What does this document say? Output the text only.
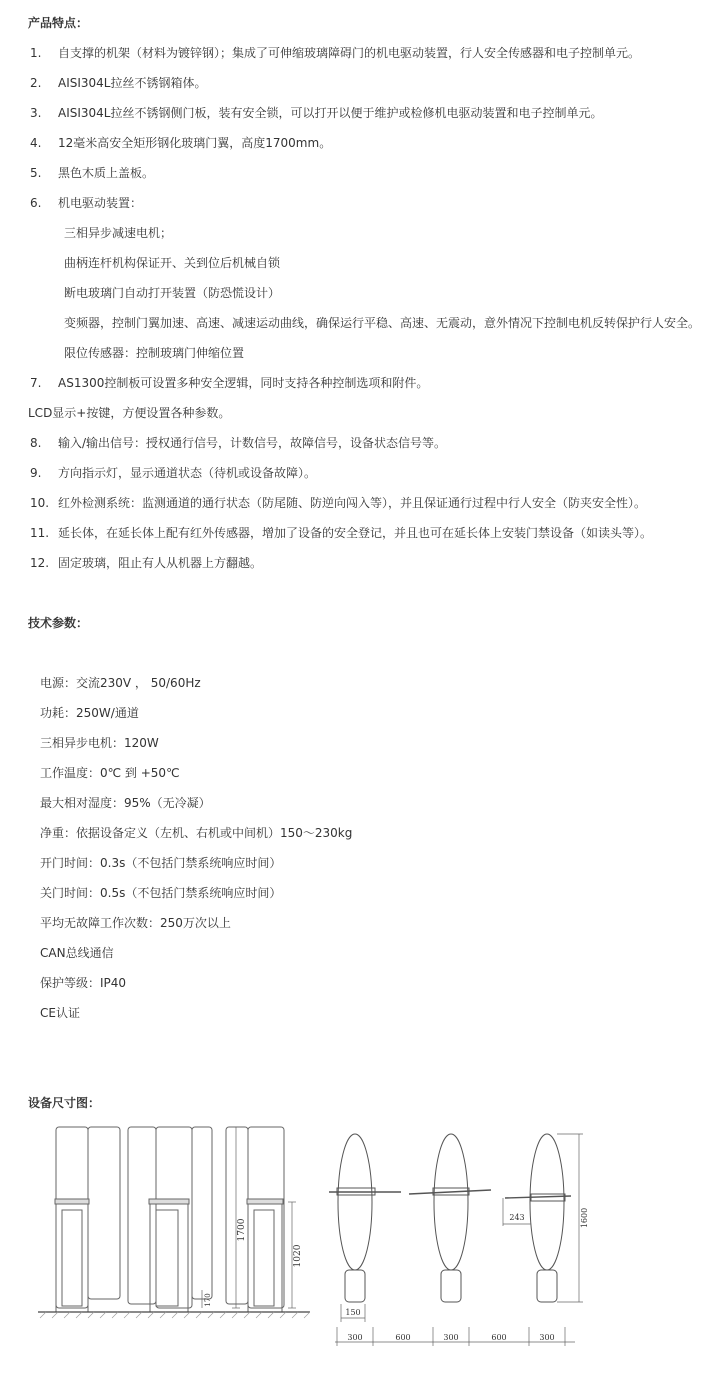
产品特点：

1. 自支撑的机架（材料为镀锌钢）；集成了可伸缩玻璃障碍门的机电驱动装置，行人安全传感器和电子控制单元。

2. AISI304L拉丝不锈钢箱体。

3. AISI304L拉丝不锈钢侧门板，装有安全锁，可以打开以便于维护或检修机电驱动装置和电子控制单元。

4. 12毫米高安全矩形钢化玻璃门翼，高度1700mm。

5. 黑色木质上盖板。

6. 机电驱动装置：

三相异步减速电机；

曲柄连杆机构保证开、关到位后机械自锁

断电玻璃门自动打开装置（防恐慌设计）

变频器，控制门翼加速、高速、减速运动曲线，确保运行平稳、高速、无震动，意外情况下控制电机反转保护行人安全。

限位传感器：控制玻璃门伸缩位置

7. AS1300控制板可设置多种安全逻辑，同时支持各种控制选项和附件。

LCD显示+按键，方便设置各种参数。

8. 输入/输出信号：授权通行信号，计数信号，故障信号，设备状态信号等。

9. 方向指示灯，显示通道状态（待机或设备故障）。

10. 红外检测系统：监测通道的通行状态（防尾随、防逆向闯入等），并且保证通行过程中行人安全（防夹安全性）。

11. 延长体，在延长体上配有红外传感器，增加了设备的安全登记，并且也可在延长体上安装门禁设备（如读头等）。

12. 固定玻璃，阻止有人从机器上方翻越。

技术参数：

电源：交流230V ， 50/60Hz

功耗：250W/通道

三相异步电机：120W

工作温度：0℃ 到 +50℃

最大相对湿度：95%（无冷凝）

净重：依据设备定义（左机、右机或中间机）150～230kg

开门时间：0.3s（不包括门禁系统响应时间）

关门时间：0.5s（不包括门禁系统响应时间）

平均无故障工作次数：250万次以上

CAN总线通信

保护等级：IP40

CE认证

设备尺寸图：
1700
1020
170
243	1600
150
300	600	300	600	300
